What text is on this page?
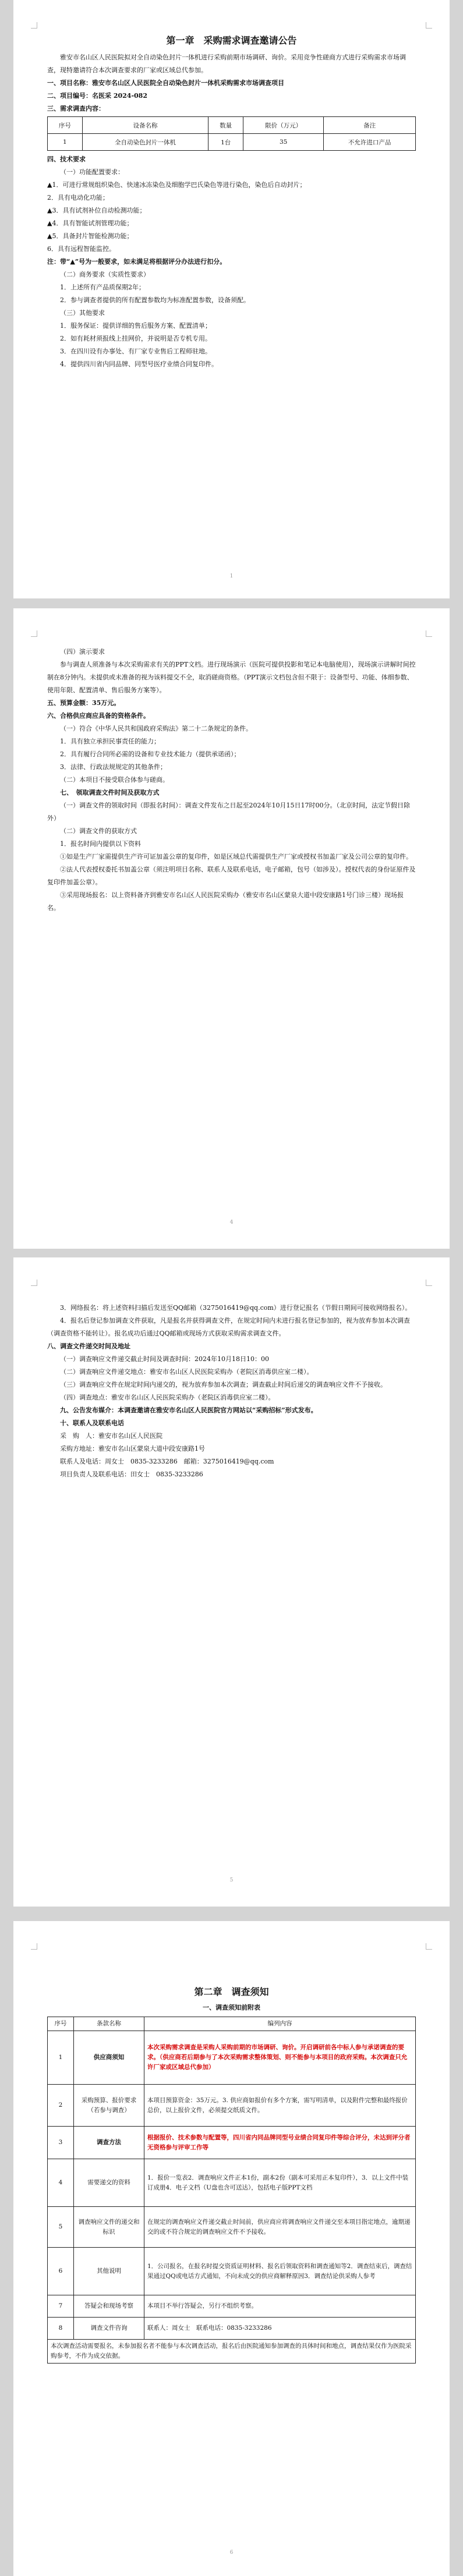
第一章　采购需求调查邀请公告

雅安市名山区人民医院拟对全自动染色封片一体机进行采购前期市场调研、询价。采用竞争性磋商方式进行采购需求市场调查，现特邀请符合本次调查要求的厂家或区域总代参加。

一、项目名称：雅安市名山区人民医院全自动染色封片一体机采购需求市场调查项目

二、项目编号：名医采 2024-082

三、需求调查内容：

序号	设备名称	数量	限价（万元）	备注
1	全自动染色封片一体机	1台	35	不允许进口产品

四、技术要求

（一）功能配置要求：

▲1．可进行常规组织染色、快速冰冻染色及细胞学巴氏染色等进行染色，染色后自动封片；

2．具有电动化功能；

▲3．具有试剂补位自动检测功能；

▲4．具有智能试剂管理功能；

▲5．具备封片智能检测功能；

6．具有远程智能监控。

注：带“▲”号为一般要求，如未满足将根据评分办法进行扣分。

（二）商务要求（实质性要求）

1．上述所有产品质保期2年；

2．参与调查者提供的所有配置参数均为标准配置参数，设备须配。

（三）其他要求

1．服务保证：提供详细的售后服务方案、配置清单；

2．如有耗材须报线上挂网价，并说明是否专机专用。

3．在四川设有办事处、有厂家专业售后工程师驻地。

4．提供四川省内同品牌、同型号医疗业绩合同复印件。

1

（四）演示要求

参与调查人须准备与本次采购需求有关的PPT文档。进行现场演示（医院可提供投影和笔记本电脑使用），现场演示讲解时间控制在8分钟内。未提供或未准备的视为该料提交不全，取消磋商资格。（PPT演示文档包含但不限于：设备型号、功能、体细参数、使用年限、配置清单、售后服务方案等）。

五、预算金额：35万元。

六、合格供应商应具备的资格条件。

（一）符合《中华人民共和国政府采购法》第二十二条规定的条件。

1．具有独立承担民事责任的能力；

2．具有履行合同所必需的设备和专业技术能力（提供承诺函）；

3．法律、行政法规规定的其他条件；

（二）本项目不接受联合体参与磋商。

七、　领取调查文件时间及获取方式

（一）调查文件的领取时间（即报名时间）：调查文件发布之日起至2024年10月15日17时00分。（北京时间，法定节假日除外）

（二）调查文件的获取方式

1．报名时间内提供以下资料

①如是生产厂家需提供生产许可证加盖公章的复印件，如是区域总代需提供生产厂家或授权书加盖厂家及公司公章的复印件。

②法人代表授权委托书加盖公章（须注明项目名称、联系人及联系电话，电子邮箱，包号（如涉及）。授权代表的身份证原件及复印件加盖公章）。

③采用现场报名：以上资料备齐到雅安市名山区人民医院采购办（雅安市名山区蒙泉大道中段安康路1号门诊三楼）现场报名。

4

3．网络报名：将上述资料扫描后发送至QQ邮箱（3275016419@qq.com）进行登记报名（节假日期间可接收网络报名）。

4．报名后登记参加调查文件获取，凡是报名并获得调查文件，在规定时间内未进行报名登记参加的，视为放弃参加本次调查（调查资格不能转让）。报名成功后通过QQ邮箱或现场方式获取采购需求调查文件。

八、调查文件递交时间及地址

（一）调查响应文件递交截止时间及调查时间：2024年10月18日10：00

（二）调查响应文件递交地点：雅安市名山区人民医院采购办（老院区消毒供应室二楼）。

（三）调查响应文件在规定时间内递交的，视为放弃参加本次调查；调查截止时间后递交的调查响应文件不予接收。

（四）调查地点：雅安市名山区人民医院采购办（老院区消毒供应室二楼）。

九、公告发布媒介：本调查邀请在雅安市名山区人民医院官方网站以“采购招标”形式发布。

十、联系人及联系电话

采　购　人：雅安市名山区人民医院

采购方地址：雅安市名山区蒙泉大道中段安康路1号

联系人及电话：周女士　0835-3233286　邮箱：3275016419@qq.com

项目负责人及联系电话：田女士　0835-3233286

5

第二章　调查须知

一、调查须知前附表

序号	条款名称	编列内容
1	供应商须知	本次采购需求调查是采购人采购前期的市场调研、询价。开启调研前各中标人参与承诺调查的要求。（供应商若后期参与了本次采购需求整体策划、则不能参与本项目的政府采购。本次调查只允许厂家或区域总代参加）
2	采购预算、报价要求（若参与调查）	本项目预算资金：35万元。3. 供应商如报价有多个方案，需写明清单，以及附件完整和最终报价总价，以上报价文件，必须提交纸质文件。
3	调查方法	根据报价、技术参数与配置等，四川省内同品牌同型号业绩合同复印件等综合评分，未达到评分者无资格参与评审工作等
4	需要递交的资料	1．报价一览表2．调查响应文件正本1份，副本2份（副本可采用正本复印件），3．以上文件中装订成册4．电子文档（U盘也含可送达），包括电子版PPT文档
5	调查响应文件的递交和标识	在规定的调查响应文件递交截止时间前，供应商应将调查响应文件递交至本项目指定地点，逾期递交的或不符合规定的调查响应文件不予接收。
6	其他说明	1．公司报名，在报名时提交资质证明材料、报名后领取资料和调查通知等2．调查结束后，调查结果通过QQ或电话方式通知，不向未成交的供应商解释原因3．调查结论供采购人参考
7	答疑会和现场考察	本项目不举行答疑会，另行不组织考察。
8	调查文件咨询	联系人：周女士　联系电话：0835-3233286
本次调查活动需要报名，未参加报名者不能参与本次调查活动，报名后由医院通知参加调查的具体时间和地点，调查结果仅作为医院采购参考，不作为成交依据。		
6
